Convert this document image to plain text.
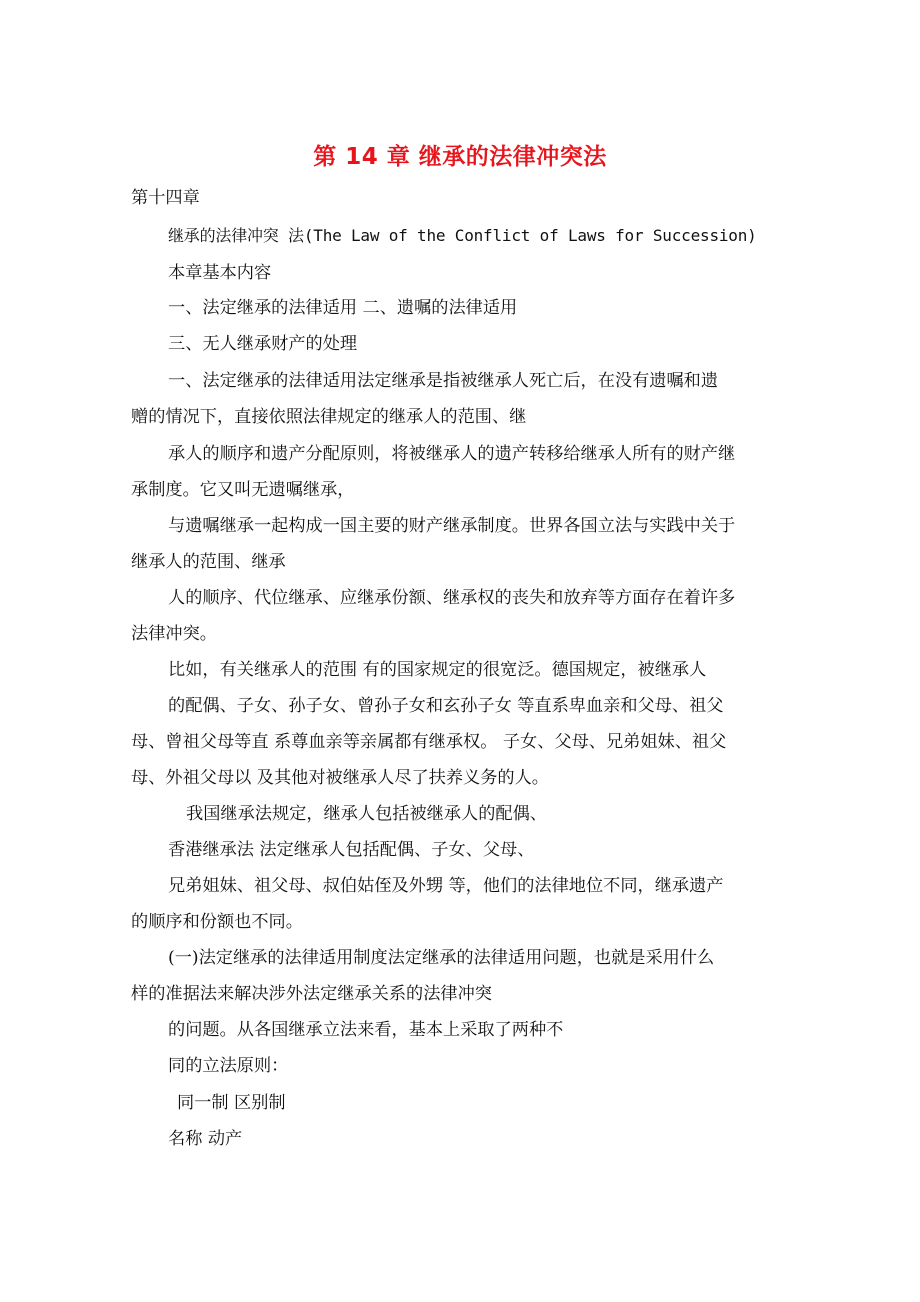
第 14 章 继承的法律冲突法
第十四章
继承的法律冲突 法(The Law of the Conflict of Laws for Succession)
本章基本内容
一、法定继承的法律适用 二、遗嘱的法律适用
三、无人继承财产的处理
一、法定继承的法律适用法定继承是指被继承人死亡后，在没有遗嘱和遗
赠的情况下，直接依照法律规定的继承人的范围、继
承人的顺序和遗产分配原则，将被继承人的遗产转移给继承人所有的财产继
承制度。它又叫无遗嘱继承，
与遗嘱继承一起构成一国主要的财产继承制度。世界各国立法与实践中关于
继承人的范围、继承
人的顺序、代位继承、应继承份额、继承权的丧失和放弃等方面存在着许多
法律冲突。
比如，有关继承人的范围 有的国家规定的很宽泛。德国规定，被继承人
的配偶、子女、孙子女、曾孙子女和玄孙子女 等直系卑血亲和父母、祖父
母、曾祖父母等直 系尊血亲等亲属都有继承权。 子女、父母、兄弟姐妹、祖父
母、外祖父母以 及其他对被继承人尽了扶养义务的人。
我国继承法规定，继承人包括被继承人的配偶、
香港继承法 法定继承人包括配偶、子女、父母、
兄弟姐妹、祖父母、叔伯姑侄及外甥 等，他们的法律地位不同，继承遗产
的顺序和份额也不同。
(一)法定继承的法律适用制度法定继承的法律适用问题，也就是采用什么
样的准据法来解决涉外法定继承关系的法律冲突
的问题。从各国继承立法来看，基本上采取了两种不
同的立法原则：
同一制 区别制
名称 动产
